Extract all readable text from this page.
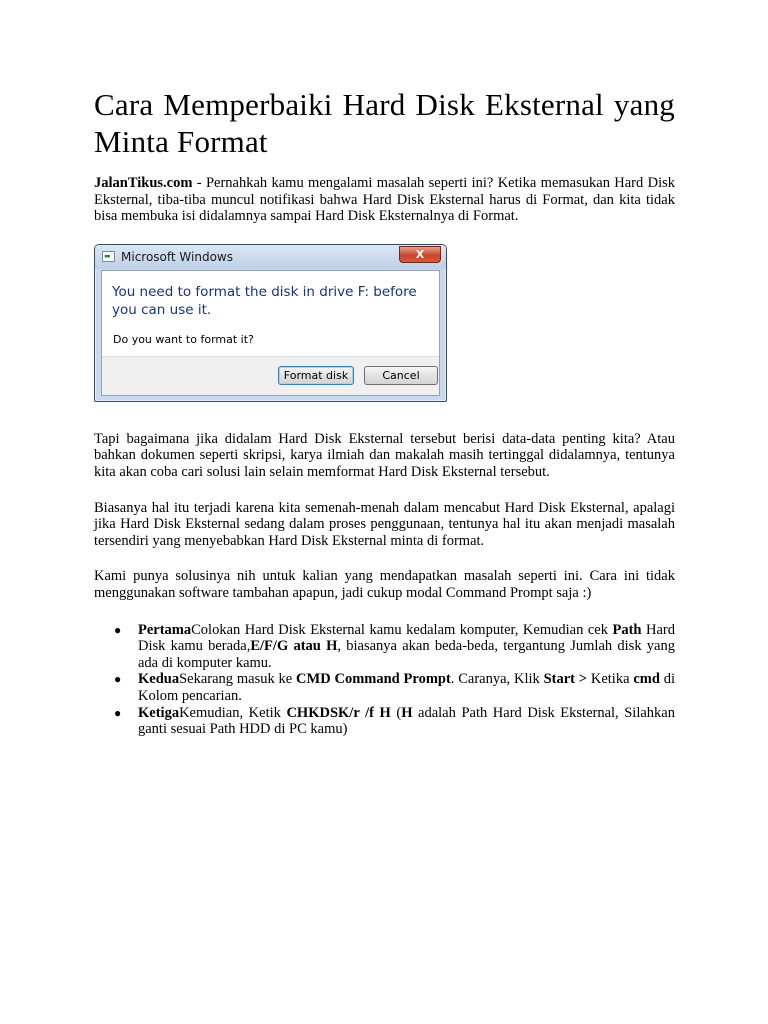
Cara Memperbaiki Hard Disk Eksternal yang Minta Format

JalanTikus.com - Pernahkah kamu mengalami masalah seperti ini? Ketika memasukan Hard Disk Eksternal, tiba-tiba muncul notifikasi bahwa Hard Disk Eksternal harus di Format, dan kita tidak bisa membuka isi didalamnya sampai Hard Disk Eksternalnya di Format.

▬ Microsoft Windows	X
You need to format the disk in drive F: before you can use it.
Do you want to format it?
Format disk	Cancel

Tapi bagaimana jika didalam Hard Disk Eksternal tersebut berisi data-data penting kita? Atau bahkan dokumen seperti skripsi, karya ilmiah dan makalah masih tertinggal didalamnya, tentunya kita akan coba cari solusi lain selain memformat Hard Disk Eksternal tersebut.

Biasanya hal itu terjadi karena kita semenah-menah dalam mencabut Hard Disk Eksternal, apalagi jika Hard Disk Eksternal sedang dalam proses penggunaan, tentunya hal itu akan menjadi masalah tersendiri yang menyebabkan Hard Disk Eksternal minta di format.

Kami punya solusinya nih untuk kalian yang mendapatkan masalah seperti ini. Cara ini tidak menggunakan software tambahan apapun, jadi cukup modal Command Prompt saja :)

● PertamaColokan Hard Disk Eksternal kamu kedalam komputer, Kemudian cek Path Hard Disk kamu berada,E/F/G atau H, biasanya akan beda-beda, tergantung Jumlah disk yang ada di komputer kamu.
● KeduaSekarang masuk ke CMD Command Prompt. Caranya, Klik Start > Ketika cmd di Kolom pencarian.
● KetigaKemudian, Ketik CHKDSK/r /f H (H adalah Path Hard Disk Eksternal, Silahkan ganti sesuai Path HDD di PC kamu)
